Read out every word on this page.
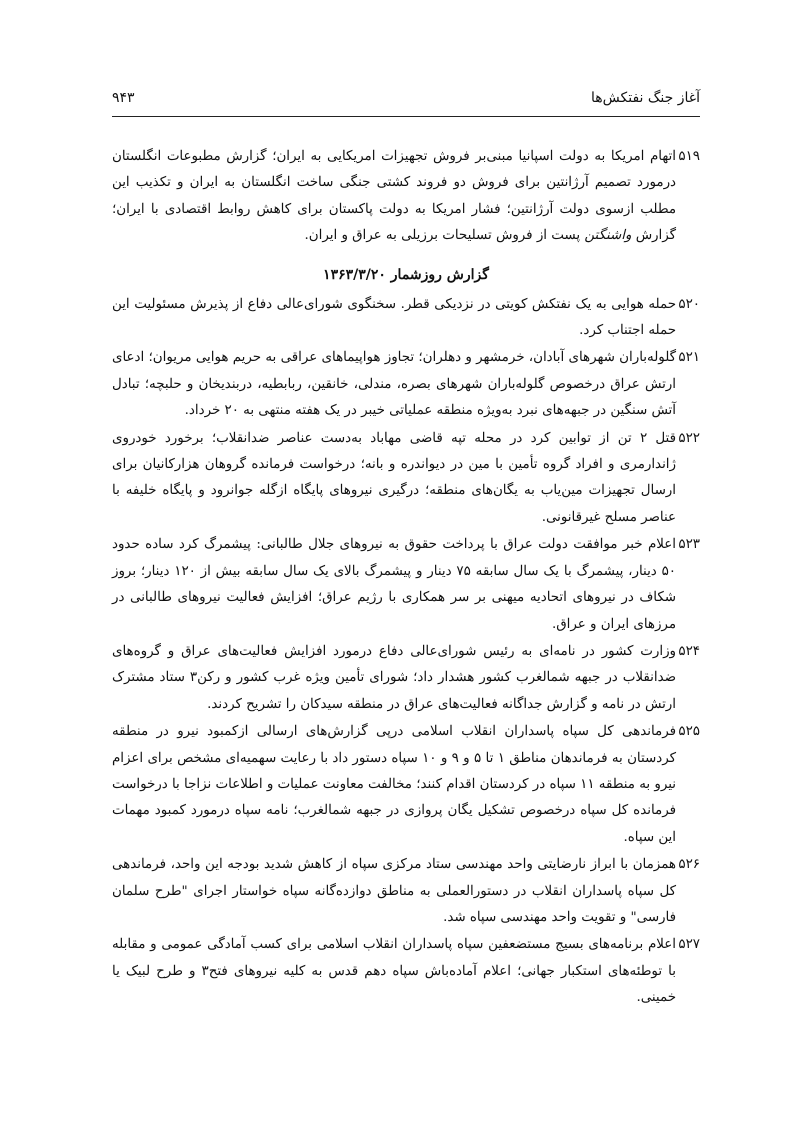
آغاز جنگ نفتکش‌ها
۹۴۳
۵۱۹
اتهام امریکا به دولت اسپانیا مبنی‌بر فروش تجهیزات امریکایی به ایران؛ گزارش مطبوعات انگلستان درمورد تصمیم آرژانتین برای فروش دو فروند کشتی جنگی ساخت انگلستان به ایران و تکذیب این مطلب ازسوی دولت آرژانتین؛ فشار امریکا به دولت پاکستان برای کاهش روابط اقتصادی با ایران؛ گزارش واشنگتن پست از فروش تسلیحات برزیلی به عراق و ایران.
گزارش روزشمار ۱۳۶۳/۳/۲۰
۵۲۰
حمله هوایی به یک نفتکش کویتی در نزدیکی قطر. سخنگوی شورای‌عالی دفاع از پذیرش مسئولیت این حمله اجتناب کرد.
۵۲۱
گلوله‌باران شهرهای آبادان، خرمشهر و دهلران؛ تجاوز هواپیماهای عراقی به حریم هوایی مریوان؛ ادعای ارتش عراق درخصوص گلوله‌باران شهرهای بصره، مندلی، خانقین، ربابطیه، دربندیخان و حلبچه؛ تبادل آتش سنگین در جبهه‌های نبرد به‌ویژه منطقه عملیاتی خیبر در یک هفته منتهی به ۲۰ خرداد.
۵۲۲
قتل ۲ تن از توابین کرد در محله تپه قاضی مهاباد به‌دست عناصر ضدانقلاب؛ برخورد خودروی ژاندارمری و افراد گروه تأمین با مین در دیواندره و بانه؛ درخواست فرمانده گروهان هزارکانیان برای ارسال تجهیزات مین‌یاب به یگان‌های منطقه؛ درگیری نیروهای پایگاه ازگله جوانرود و پایگاه خلیفه با عناصر مسلح غیرقانونی.
۵۲۳
اعلام خبر موافقت دولت عراق با پرداخت حقوق به نیروهای جلال طالبانی: پیشمرگ کرد ساده حدود ۵۰ دینار، پیشمرگ با یک سال سابقه ۷۵ دینار و پیشمرگ بالای یک سال سابقه بیش از ۱۲۰ دینار؛ بروز شکاف در نیروهای اتحادیه میهنی بر سر همکاری با رژیم عراق؛ افزایش فعالیت نیروهای طالبانی در مرزهای ایران و عراق.
۵۲۴
وزارت کشور در نامه‌ای به رئیس شورای‌عالی دفاع درمورد افزایش فعالیت‌های عراق و گروه‌های ضدانقلاب در جبهه شمالغرب کشور هشدار داد؛ شورای تأمین ویژه غرب کشور و رکن۳ ستاد مشترک ارتش در نامه و گزارش جداگانه فعالیت‌های عراق در منطقه سیدکان را تشریح کردند.
۵۲۵
فرماندهی کل سپاه پاسداران انقلاب اسلامی درپی گزارش‌های ارسالی ازکمبود نیرو در منطقه کردستان به فرماندهان مناطق ۱ تا ۵ و ۹ و ۱۰ سپاه دستور داد با رعایت سهمیه‌ای مشخص برای اعزام نیرو به منطقه ۱۱ سپاه در کردستان اقدام کنند؛ مخالفت معاونت عملیات و اطلاعات نزاجا با درخواست فرمانده کل سپاه درخصوص تشکیل یگان پروازی در جبهه شمالغرب؛ نامه سپاه درمورد کمبود مهمات این سپاه.
۵۲۶
همزمان با ابراز نارضایتی واحد مهندسی ستاد مرکزی سپاه از کاهش شدید بودجه این واحد، فرماندهی کل سپاه پاسداران انقلاب در دستورالعملی به مناطق دوازده‌گانه سپاه خواستار اجرای "طرح سلمان فارسی" و تقویت واحد مهندسی سپاه شد.
۵۲۷
اعلام برنامه‌های بسیج مستضعفین سپاه پاسداران انقلاب اسلامی برای کسب آمادگی عمومی و مقابله با توطئه‌های استکبار جهانی؛ اعلام آماده‌باش سپاه دهم قدس به کلیه نیروهای فتح۳ و طرح لبیک یا خمینی.
